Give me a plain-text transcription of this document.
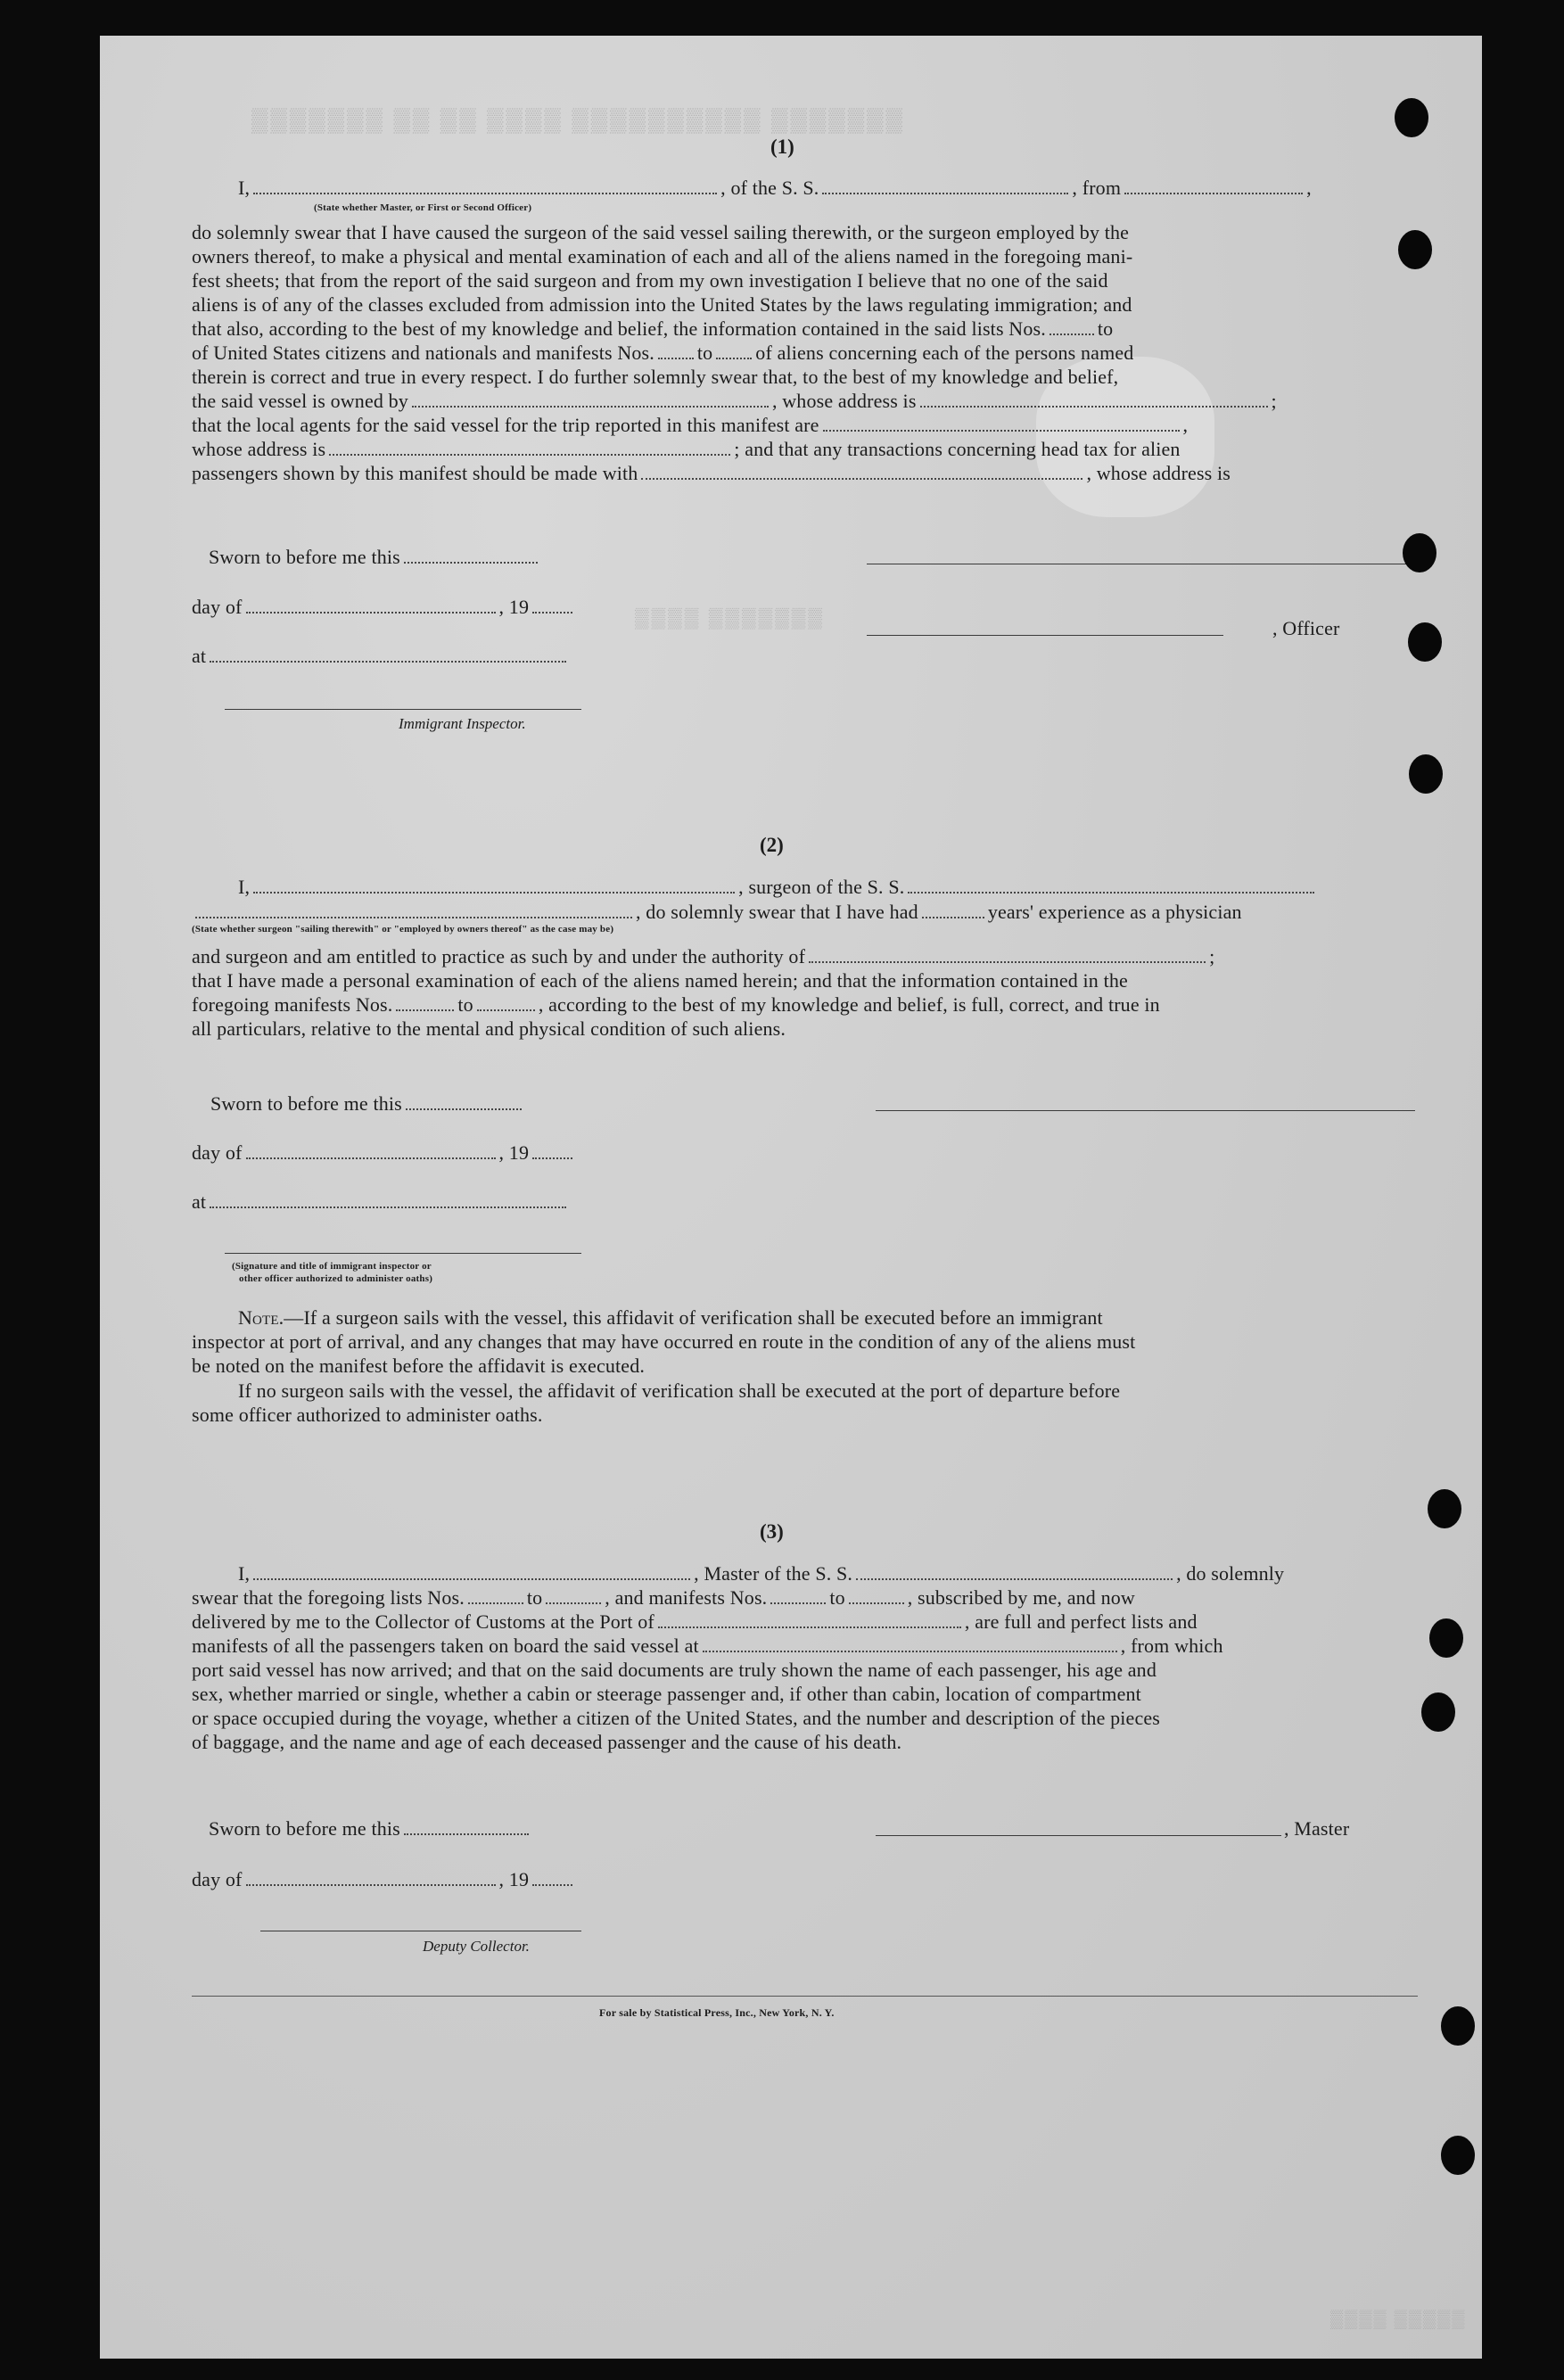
▒▒▒▒▒▒▒ ▒▒ ▒▒ ▒▒▒▒ ▒▒▒▒▒▒▒▒▒▒ ▒▒▒▒▒▒▒
▒▒▒▒ ▒▒▒▒▒▒▒
(1)
I,	, of the S. S.	, from	,
(State whether Master, or First or Second Officer)
do solemnly swear that I have caused the surgeon of the said vessel sailing therewith, or the surgeon employed by the
owners thereof, to make a physical and mental examination of each and all of the aliens named in the foregoing mani-
fest sheets; that from the report of the said surgeon and from my own investigation I believe that no one of the said
aliens is of any of the classes excluded from admission into the United States by the laws regulating immigration; and
that also, according to the best of my knowledge and belief, the information contained in the said lists Nos.	to
of United States citizens and nationals and manifests Nos. to of aliens concerning each of the persons named
therein is correct and true in every respect. I do further solemnly swear that, to the best of my knowledge and belief,
the said vessel is owned by	, whose address is	;
that the local agents for the said vessel for the trip reported in this manifest are	,
whose address is	; and that any transactions concerning head tax for alien
passengers shown by this manifest should be made with	, whose address is
Sworn to before me this
day of	, 19
, Officer
at
Immigrant Inspector.
(2)
I,	, surgeon of the S. S.
, do solemnly swear that I have had	years' experience as a physician
(State whether surgeon "sailing therewith" or "employed by owners thereof" as the case may be)
and surgeon and am entitled to practice as such by and under the authority of	;
that I have made a personal examination of each of the aliens named herein; and that the information contained in the
foregoing manifests Nos.	to	, according to the best of my knowledge and belief, is full, correct, and true in
all particulars, relative to the mental and physical condition of such aliens.
Sworn to before me this
day of	, 19
at
(Signature and title of immigrant inspector or
other officer authorized to administer oaths)
Note.—If a surgeon sails with the vessel, this affidavit of verification shall be executed before an immigrant
inspector at port of arrival, and any changes that may have occurred en route in the condition of any of the aliens must
be noted on the manifest before the affidavit is executed.
If no surgeon sails with the vessel, the affidavit of verification shall be executed at the port of departure before
some officer authorized to administer oaths.
(3)
I,	, Master of the S. S.	, do solemnly
swear that the foregoing lists Nos.	to	, and manifests Nos.	to	, subscribed by me, and now
delivered by me to the Collector of Customs at the Port of	, are full and perfect lists and
manifests of all the passengers taken on board the said vessel at	, from which
port said vessel has now arrived; and that on the said documents are truly shown the name of each passenger, his age and
sex, whether married or single, whether a cabin or steerage passenger and, if other than cabin, location of compartment
or space occupied during the voyage, whether a citizen of the United States, and the number and description of the pieces
of baggage, and the name and age of each deceased passenger and the cause of his death.
Sworn to before me this	, Master
day of	, 19
Deputy Collector.
For sale by Statistical Press, Inc., New York, N. Y.
▒▒▒▒ ▒▒▒▒▒
